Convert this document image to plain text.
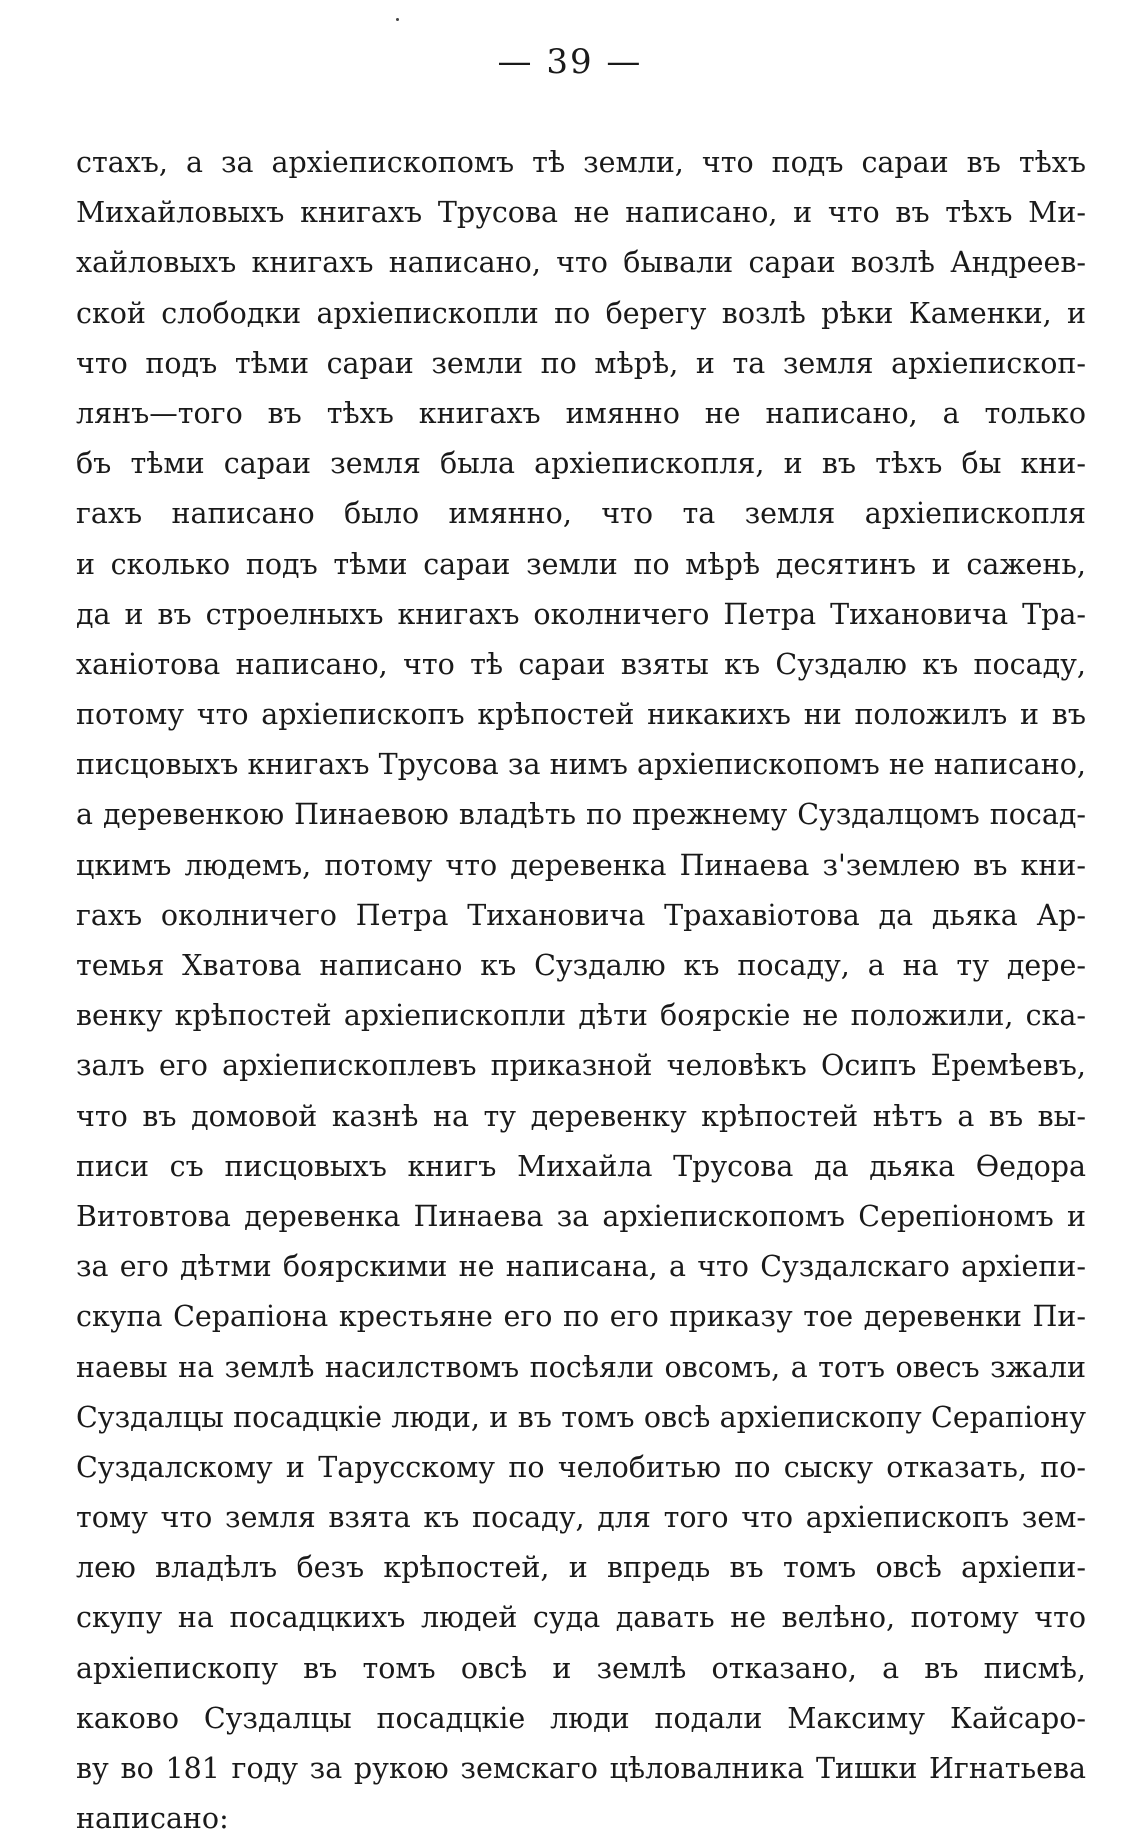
— 39 —
стахъ, а за архіепископомъ тѣ земли, что подъ сараи въ тѣхъ
Михайловыхъ книгахъ Трусова не написано, и что въ тѣхъ Ми-
хайловыхъ книгахъ написано, что бывали сараи возлѣ Андреев-
ской слободки архіепископли по берегу возлѣ рѣки Каменки, и
что подъ тѣми сараи земли по мѣрѣ, и та земля архіепископ-
лянъ—того въ тѣхъ книгахъ имянно не написано, а только
бъ тѣми сараи земля была архіепископля, и въ тѣхъ бы кни-
гахъ написано было имянно, что та земля архіепископля
и сколько подъ тѣми сараи земли по мѣрѣ десятинъ и сажень,
да и въ строелныхъ книгахъ околничего Петра Тихановича Тра-
ханіотова написано, что тѣ сараи взяты къ Суздалю къ посаду,
потому что архіепископъ крѣпостей никакихъ ни положилъ и въ
писцовыхъ книгахъ Трусова за нимъ архіепископомъ не написано,
а деревенкою Пинаевою владѣть по прежнему Суздалцомъ посад-
цкимъ людемъ, потому что деревенка Пинаева з'землею въ кни-
гахъ околничего Петра Тихановича Трахавіотова да дьяка Ар-
темья Хватова написано къ Суздалю къ посаду, а на ту дере-
венку крѣпостей архіепископли дѣти боярскіе не положили, ска-
залъ его архіепископлевъ приказной человѣкъ Осипъ Еремѣевъ,
что въ домовой казнѣ на ту деревенку крѣпостей нѣтъ а въ вы-
писи съ писцовыхъ книгъ Михайла Трусова да дьяка Өедора
Витовтова деревенка Пинаева за архіепископомъ Серепіономъ и
за его дѣтми боярскими не написана, а что Суздалскаго архіепи-
скупа Серапіона крестьяне его по его приказу тое деревенки Пи-
наевы на землѣ насилствомъ посѣяли овсомъ, а тотъ овесъ зжали
Суздалцы посадцкіе люди, и въ томъ овсѣ архіепископу Серапіону
Суздалскому и Тарусскому по челобитью по сыску отказать, по-
тому что земля взята къ посаду, для того что архіепископъ зем-
лею владѣлъ безъ крѣпостей, и впредь въ томъ овсѣ архіепи-
скупу на посадцкихъ людей суда давать не велѣно, потому что
архіепископу въ томъ овсѣ и землѣ отказано, а въ писмѣ,
каково Суздалцы посадцкіе люди подали Максиму Кайсаро-
ву во 181 году за рукою земскаго цѣловалника Тишки Игнатьева
написано:
